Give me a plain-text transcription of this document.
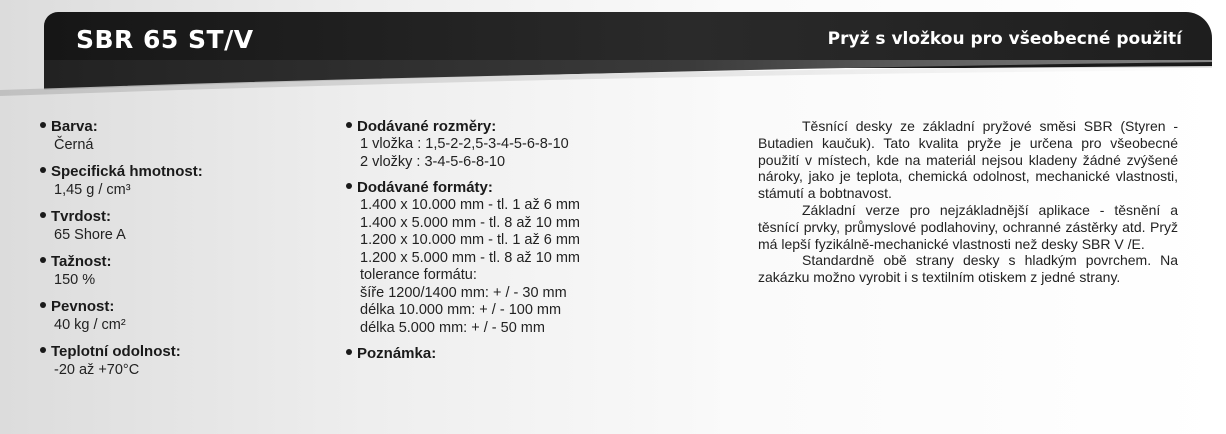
SBR 65 ST/V	Pryž s vložkou pro všeobecné použití
Barva:
Černá
Specifická hmotnost:
1,45 g / cm³
Tvrdost:
65 Shore A
Tažnost:
150 %
Pevnost:
40 kg / cm²
Teplotní odolnost:
-20 až +70°C
Dodávané rozměry:
1 vložka : 1,5-2-2,5-3-4-5-6-8-10
2 vložky : 3-4-5-6-8-10
Dodávané formáty:
1.400 x 10.000 mm - tl. 1 až 6 mm
1.400 x 5.000 mm - tl. 8 až 10 mm
1.200 x 10.000 mm - tl. 1 až 6 mm
1.200 x 5.000 mm - tl. 8 až 10 mm
tolerance formátu:
šíře 1200/1400 mm: + / - 30 mm
délka 10.000 mm: + / - 100 mm
délka 5.000 mm: + / - 50 mm
Poznámka:

Těsnící desky ze základní pryžové směsi SBR (Styren - Butadien kaučuk). Tato kvalita pryže je určena pro všeobecné použití v místech, kde na materiál nejsou kladeny žádné zvýšené nároky, jako je teplota, chemická odolnost, mechanické vlastnosti, stámutí a bobtnavost.

Základní verze pro nejzákladnější aplikace - těsnění a těsnící prvky, průmyslové podlahoviny, ochranné zástěrky atd. Pryž má lepší fyzikálně-mechanické vlastnosti než desky SBR V /E.

Standardně obě strany desky s hladkým povrchem. Na zakázku možno vyrobit i s textilním otiskem z jedné strany.
